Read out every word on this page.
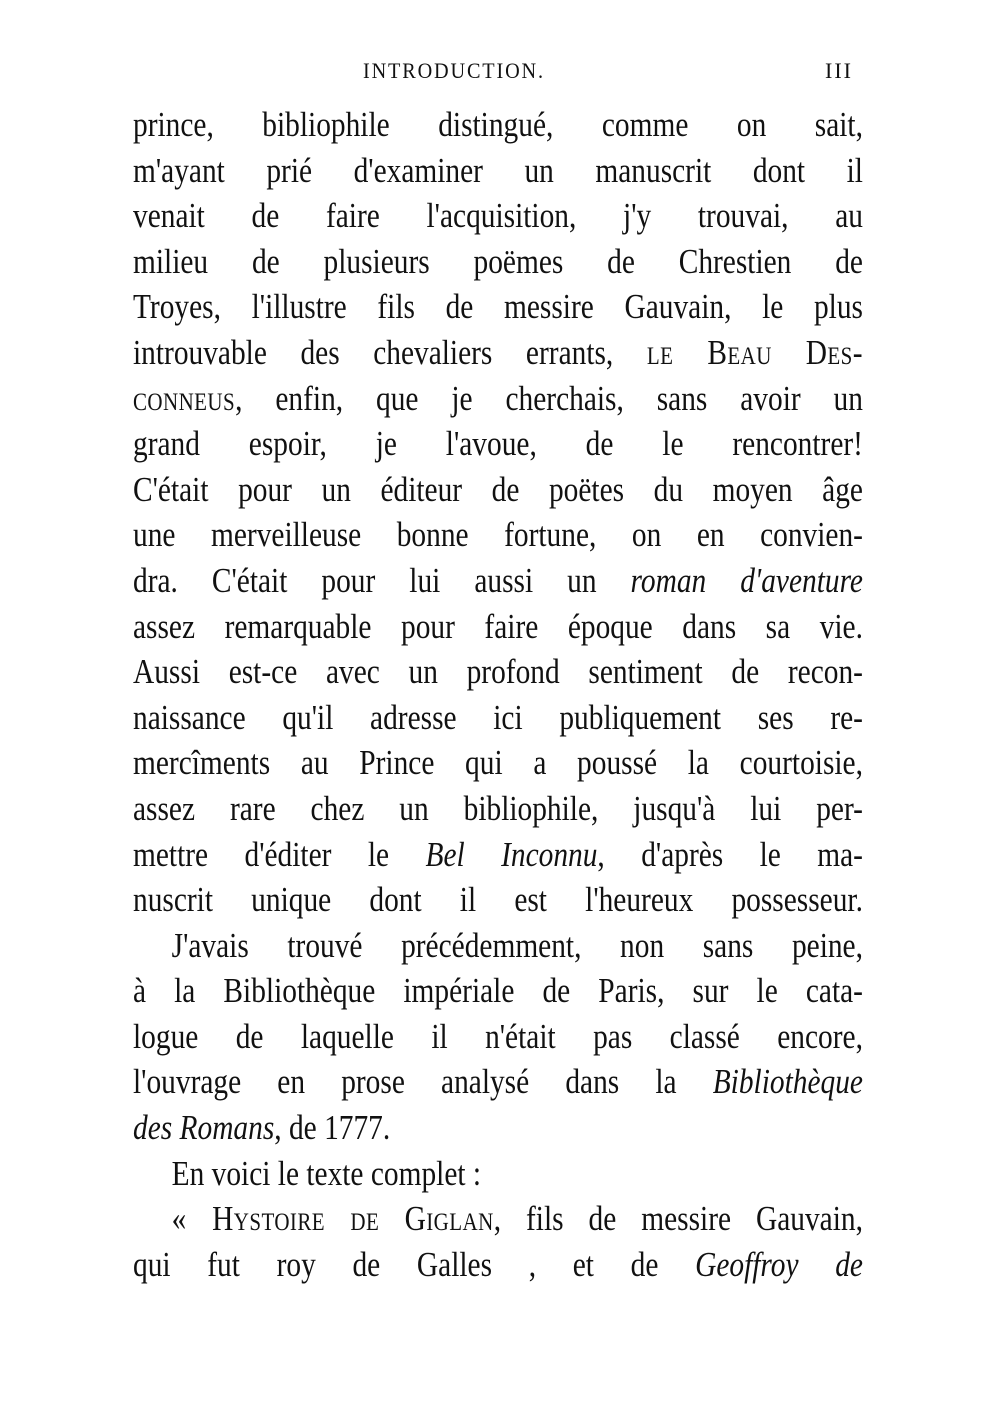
INTRODUCTION.	III
prince, bibliophile distingué, comme on sait,
m'ayant prié d'examiner un manuscrit dont il
venait de faire l'acquisition, j'y trouvai, au
milieu de plusieurs poëmes de Chrestien de
Troyes, l'illustre fils de messire Gauvain, le plus
introuvable des chevaliers errants, le Beau Des-
conneus, enfin, que je cherchais, sans avoir un
grand espoir, je l'avoue, de le rencontrer!
C'était pour un éditeur de poëtes du moyen âge
une merveilleuse bonne fortune, on en convien-
dra. C'était pour lui aussi un roman d'aventure
assez remarquable pour faire époque dans sa vie.
Aussi est-ce avec un profond sentiment de recon-
naissance qu'il adresse ici publiquement ses re-
mercîments au Prince qui a poussé la courtoisie,
assez rare chez un bibliophile, jusqu'à lui per-
mettre d'éditer le Bel Inconnu, d'après le ma-
nuscrit unique dont il est l'heureux possesseur.
J'avais trouvé précédemment, non sans peine,
à la Bibliothèque impériale de Paris, sur le cata-
logue de laquelle il n'était pas classé encore,
l'ouvrage en prose analysé dans la Bibliothèque
des Romans, de 1777.
En voici le texte complet :
« Hystoire de Giglan, fils de messire Gauvain,
qui fut roy de Galles , et de Geoffroy de
